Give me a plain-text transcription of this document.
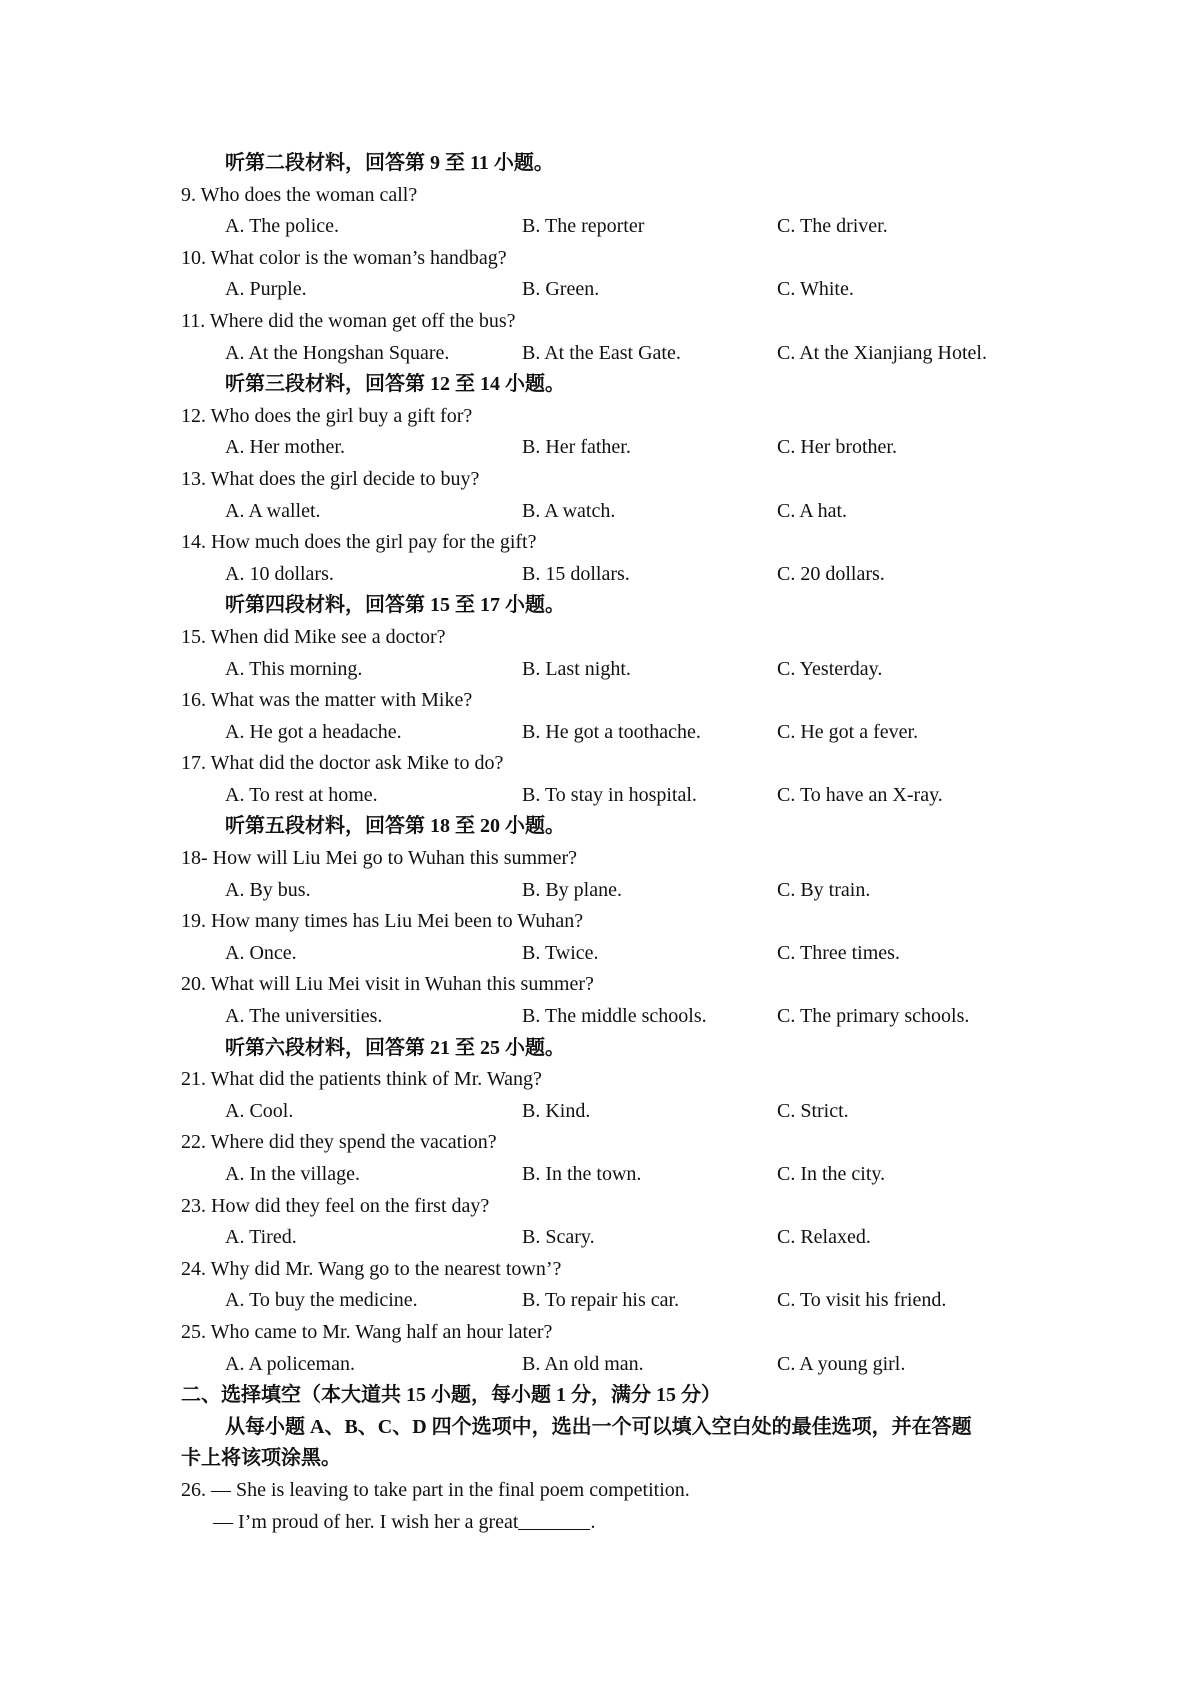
听第二段材料，回答第 9 至 11 小题。
9. Who does the woman call?
A. The police.	B. The reporter	C. The driver.
10. What color is the woman’s handbag?
A. Purple.	B. Green.	C. White.
11. Where did the woman get off the bus?
A. At the Hongshan Square.	B. At the East Gate.	C. At the Xianjiang Hotel.
听第三段材料，回答第 12 至 14 小题。
12. Who does the girl buy a gift for?
A. Her mother.	B. Her father.	C. Her brother.
13. What does the girl decide to buy?
A. A wallet.	B. A watch.	C. A hat.
14. How much does the girl pay for the gift?
A. 10 dollars.	B. 15 dollars.	C. 20 dollars.
听第四段材料，回答第 15 至 17 小题。
15. When did Mike see a doctor?
A. This morning.	B. Last night.	C. Yesterday.
16. What was the matter with Mike?
A. He got a headache.	B. He got a toothache.	C. He got a fever.
17. What did the doctor ask Mike to do?
A. To rest at home.	B. To stay in hospital.	C. To have an X-ray.
听第五段材料，回答第 18 至 20 小题。
18- How will Liu Mei go to Wuhan this summer?
A. By bus.	B. By plane.	C. By train.
19. How many times has Liu Mei been to Wuhan?
A. Once.	B. Twice.	C. Three times.
20. What will Liu Mei visit in Wuhan this summer?
A. The universities.	B. The middle schools.	C. The primary schools.
听第六段材料，回答第 21 至 25 小题。
21. What did the patients think of Mr. Wang?
A. Cool.	B. Kind.	C. Strict.
22. Where did they spend the vacation?
A. In the village.	B. In the town.	C. In the city.
23. How did they feel on the first day?
A. Tired.	B. Scary.	C. Relaxed.
24. Why did Mr. Wang go to the nearest town’?
A. To buy the medicine.	B. To repair his car.	C. To visit his friend.
25. Who came to Mr. Wang half an hour later?
A. A policeman.	B. An old man.	C. A young girl.
二、选择填空（本大道共 15 小题，每小题 1 分，满分 15 分）
从每小题 A、B、C、D 四个选项中，选出一个可以填入空白处的最佳选项，并在答题
卡上将该项涂黑。
26. — She is leaving to take part in the final poem competition.
— I’m proud of her. I wish her a great	.
